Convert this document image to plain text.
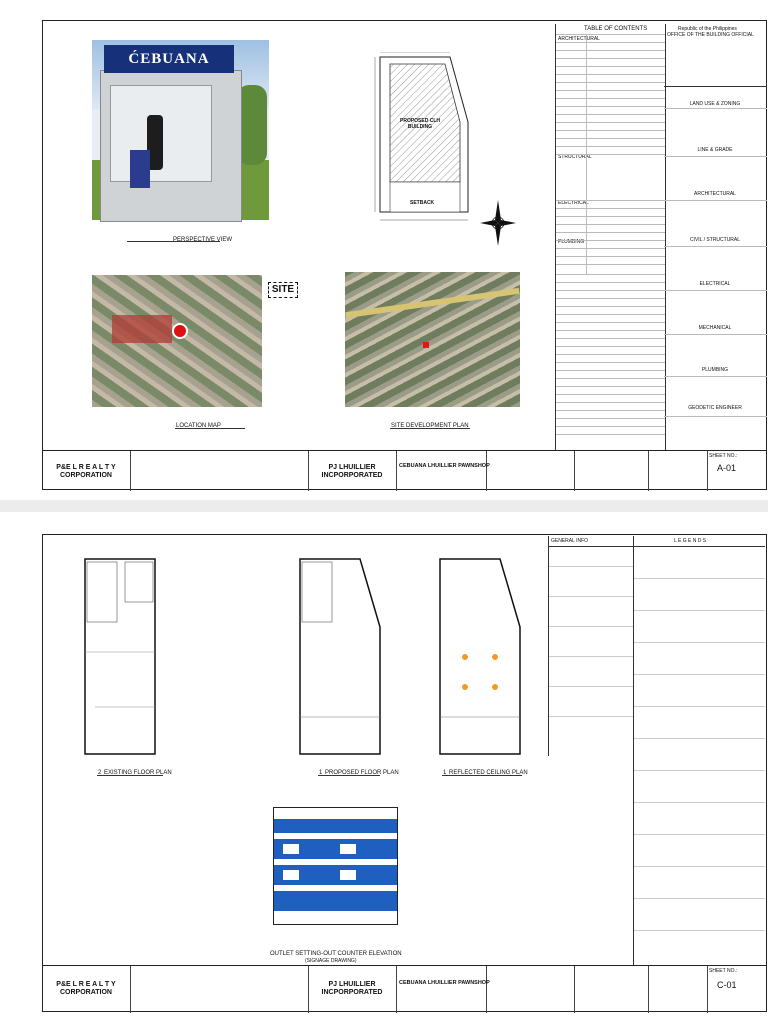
ĆEBUANA
PERSPECTIVE VIEW
PROPOSED CLH BUILDING
SETBACK
SITE
LOCATION MAP	SITE DEVELOPMENT PLAN
TABLE OF CONTENTS
ARCHITECTURAL
STRUCTURAL
ELECTRICAL
PLUMBING
Republic of the Philippines
OFFICE OF THE BUILDING OFFICIAL
LAND USE & ZONING
LINE & GRADE
ARCHITECTURAL
CIVIL / STRUCTURAL
ELECTRICAL
MECHANICAL
PLUMBING
GEODETIC ENGINEER
P&E L R E A L T Y CORPORATION
PJ LHUILLIER INCPORPORATED
CEBUANA LHUILLIER PAWNSHOP
SHEET NO.:
A-01
2 EXISTING FLOOR PLAN	1 PROPOSED FLOOR PLAN	1 REFLECTED CEILING PLAN
OUTLET SETTING-OUT COUNTER ELEVATION
(SIGNAGE DRAWING)
GENERAL INFO	L E G E N D S
P&E L R E A L T Y CORPORATION
PJ LHUILLIER INCPORPORATED
CEBUANA LHUILLIER PAWNSHOP
SHEET NO.:
C-01
